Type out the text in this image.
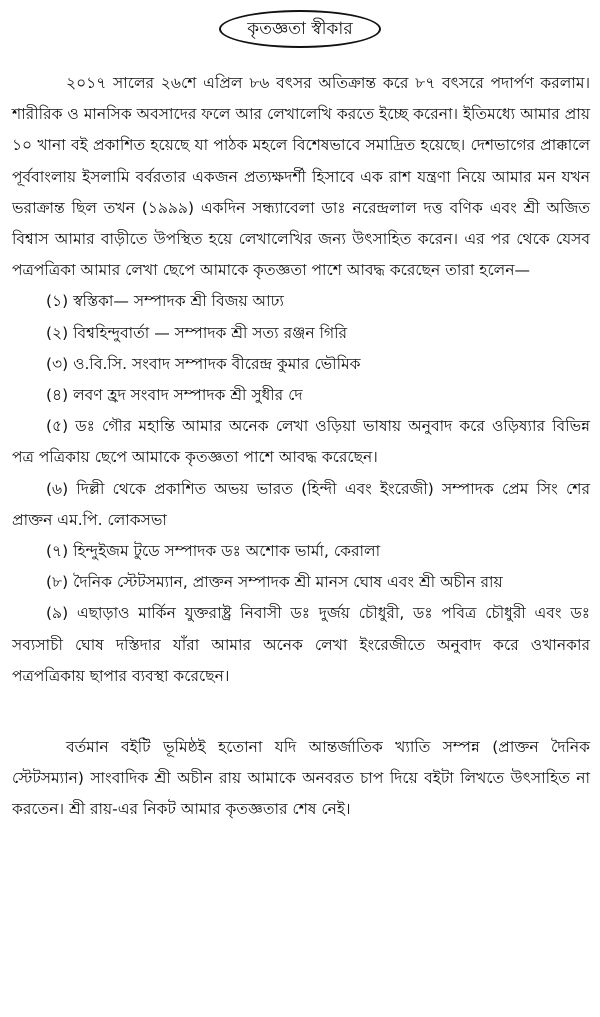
কৃতজ্ঞতা স্বীকার

২০১৭ সালের ২৬শে এপ্রিল ৮৬ বৎসর অতিক্রান্ত করে ৮৭ বৎসরে পদার্পণ করলাম। শারীরিক ও মানসিক অবসাদের ফলে আর লেখালেখি করতে ইচ্ছে করেনা। ইতিমধ্যে আমার প্রায় ১০ খানা বই প্রকাশিত হয়েছে যা পাঠক মহলে বিশেষভাবে সমাদ্রিত হয়েছে। দেশভাগের প্রাক্কালে পূর্ববাংলায় ইসলামি বর্বরতার একজন প্রত্যক্ষদর্শী হিসাবে এক রাশ যন্ত্রণা নিয়ে আমার মন যখন ভরাক্রান্ত ছিল তখন (১৯৯৯) একদিন সন্ধ্যাবেলা ডাঃ নরেন্দ্রলাল দত্ত বণিক এবং শ্রী অজিত বিশ্বাস আমার বাড়ীতে উপস্থিত হয়ে লেখালেখির জন্য উৎসাহিত করেন। এর পর থেকে যেসব পত্রপত্রিকা আমার লেখা ছেপে আমাকে কৃতজ্ঞতা পাশে আবদ্ধ করেছেন তারা হলেন—

(১) স্বস্তিকা— সম্পাদক শ্রী বিজয় আঢ্য

(২) বিশ্বহিন্দুবার্তা — সম্পাদক শ্রী সত্য রঞ্জন গিরি

(৩) ও.বি.সি. সংবাদ সম্পাদক বীরেন্দ্র কুমার ভৌমিক

(৪) লবণ হ্রদ সংবাদ সম্পাদক শ্রী সুধীর দে

(৫) ডঃ গৌর মহান্তি আমার অনেক লেখা ওড়িয়া ভাষায় অনুবাদ করে ওড়িষ্যার বিভিন্ন পত্র পত্রিকায় ছেপে আমাকে কৃতজ্ঞতা পাশে আবদ্ধ করেছেন।

(৬) দিল্লী থেকে প্রকাশিত অভয় ভারত (হিন্দী এবং ইংরেজী) সম্পাদক প্রেম সিং শের প্রাক্তন এম.পি. লোকসভা

(৭) হিন্দুইজম টুডে সম্পাদক ডঃ অশোক ভার্মা, কেরালা

(৮) দৈনিক স্টেটসম্যান, প্রাক্তন সম্পাদক শ্রী মানস ঘোষ এবং শ্রী অচীন রায়

(৯) এছাড়াও মার্কিন যুক্তরাষ্ট্র নিবাসী ডঃ দুর্জয় চৌধুরী, ডঃ পবিত্র চৌধুরী এবং ডঃ সব্যসাচী ঘোষ দস্তিদার যাঁরা আমার অনেক লেখা ইংরেজীতে অনুবাদ করে ওখানকার পত্রপত্রিকায় ছাপার ব্যবস্থা করেছেন।

বর্তমান বইটি ভূমিষ্ঠই হতোনা যদি আন্তর্জাতিক খ্যাতি সম্পন্ন (প্রাক্তন দৈনিক স্টেটসম্যান) সাংবাদিক শ্রী অচীন রায় আমাকে অনবরত চাপ দিয়ে বইটা লিখতে উৎসাহিত না করতেন। শ্রী রায়-এর নিকট আমার কৃতজ্ঞতার শেষ নেই।
